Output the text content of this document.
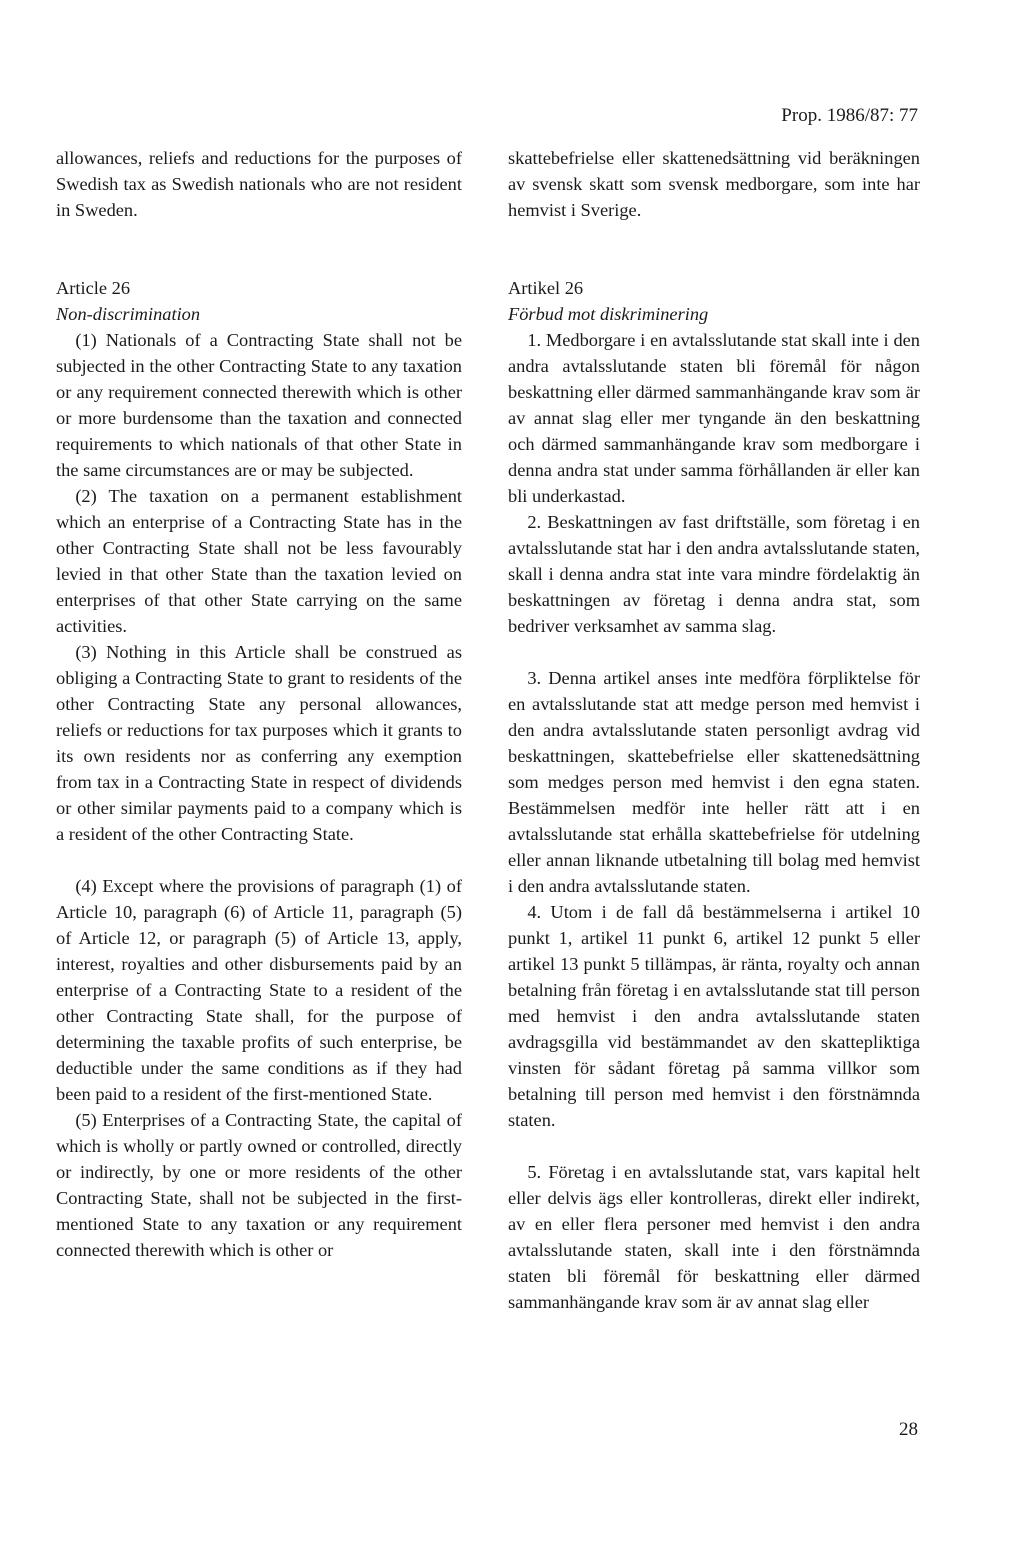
Prop. 1986/87: 77

allowances, reliefs and reductions for the purposes of Swedish tax as Swedish nationals who are not resident in Sweden.

Article 26

Non-discrimination

(1) Nationals of a Contracting State shall not be subjected in the other Contracting State to any taxation or any requirement connected therewith which is other or more burdensome than the taxation and connected requirements to which nationals of that other State in the same circumstances are or may be subjected.

(2) The taxation on a permanent establishment which an enterprise of a Contracting State has in the other Contracting State shall not be less favourably levied in that other State than the taxation levied on enterprises of that other State carrying on the same activities.

(3) Nothing in this Article shall be construed as obliging a Contracting State to grant to residents of the other Contracting State any personal allowances, reliefs or reductions for tax purposes which it grants to its own residents nor as conferring any exemption from tax in a Contracting State in respect of dividends or other similar payments paid to a company which is a resident of the other Contracting State.

(4) Except where the provisions of paragraph (1) of Article 10, paragraph (6) of Article 11, paragraph (5) of Article 12, or paragraph (5) of Article 13, apply, interest, royalties and other disbursements paid by an enterprise of a Contracting State to a resident of the other Contracting State shall, for the purpose of determining the taxable profits of such enterprise, be deductible under the same conditions as if they had been paid to a resident of the first-mentioned State.

(5) Enterprises of a Contracting State, the capital of which is wholly or partly owned or controlled, directly or indirectly, by one or more residents of the other Contracting State, shall not be subjected in the first-mentioned State to any taxation or any requirement connected therewith which is other or

skattebefrielse eller skattenedsättning vid beräkningen av svensk skatt som svensk medborgare, som inte har hemvist i Sverige.

Artikel 26

Förbud mot diskriminering

1. Medborgare i en avtalsslutande stat skall inte i den andra avtalsslutande staten bli föremål för någon beskattning eller därmed sammanhängande krav som är av annat slag eller mer tyngande än den beskattning och därmed sammanhängande krav som medborgare i denna andra stat under samma förhållanden är eller kan bli underkastad.

2. Beskattningen av fast driftställe, som företag i en avtalsslutande stat har i den andra avtalsslutande staten, skall i denna andra stat inte vara mindre fördelaktig än beskattningen av företag i denna andra stat, som bedriver verksamhet av samma slag.

3. Denna artikel anses inte medföra förpliktelse för en avtalsslutande stat att medge person med hemvist i den andra avtalsslutande staten personligt avdrag vid beskattningen, skattebefrielse eller skattenedsättning som medges person med hemvist i den egna staten. Bestämmelsen medför inte heller rätt att i en avtalsslutande stat erhålla skattebefrielse för utdelning eller annan liknande utbetalning till bolag med hemvist i den andra avtalsslutande staten.

4. Utom i de fall då bestämmelserna i artikel 10 punkt 1, artikel 11 punkt 6, artikel 12 punkt 5 eller artikel 13 punkt 5 tillämpas, är ränta, royalty och annan betalning från företag i en avtalsslutande stat till person med hemvist i den andra avtalsslutande staten avdragsgilla vid bestämmandet av den skattepliktiga vinsten för sådant företag på samma villkor som betalning till person med hemvist i den förstnämnda staten.

5. Företag i en avtalsslutande stat, vars kapital helt eller delvis ägs eller kontrolleras, direkt eller indirekt, av en eller flera personer med hemvist i den andra avtalsslutande staten, skall inte i den förstnämnda staten bli föremål för beskattning eller därmed sammanhängande krav som är av annat slag eller

28
